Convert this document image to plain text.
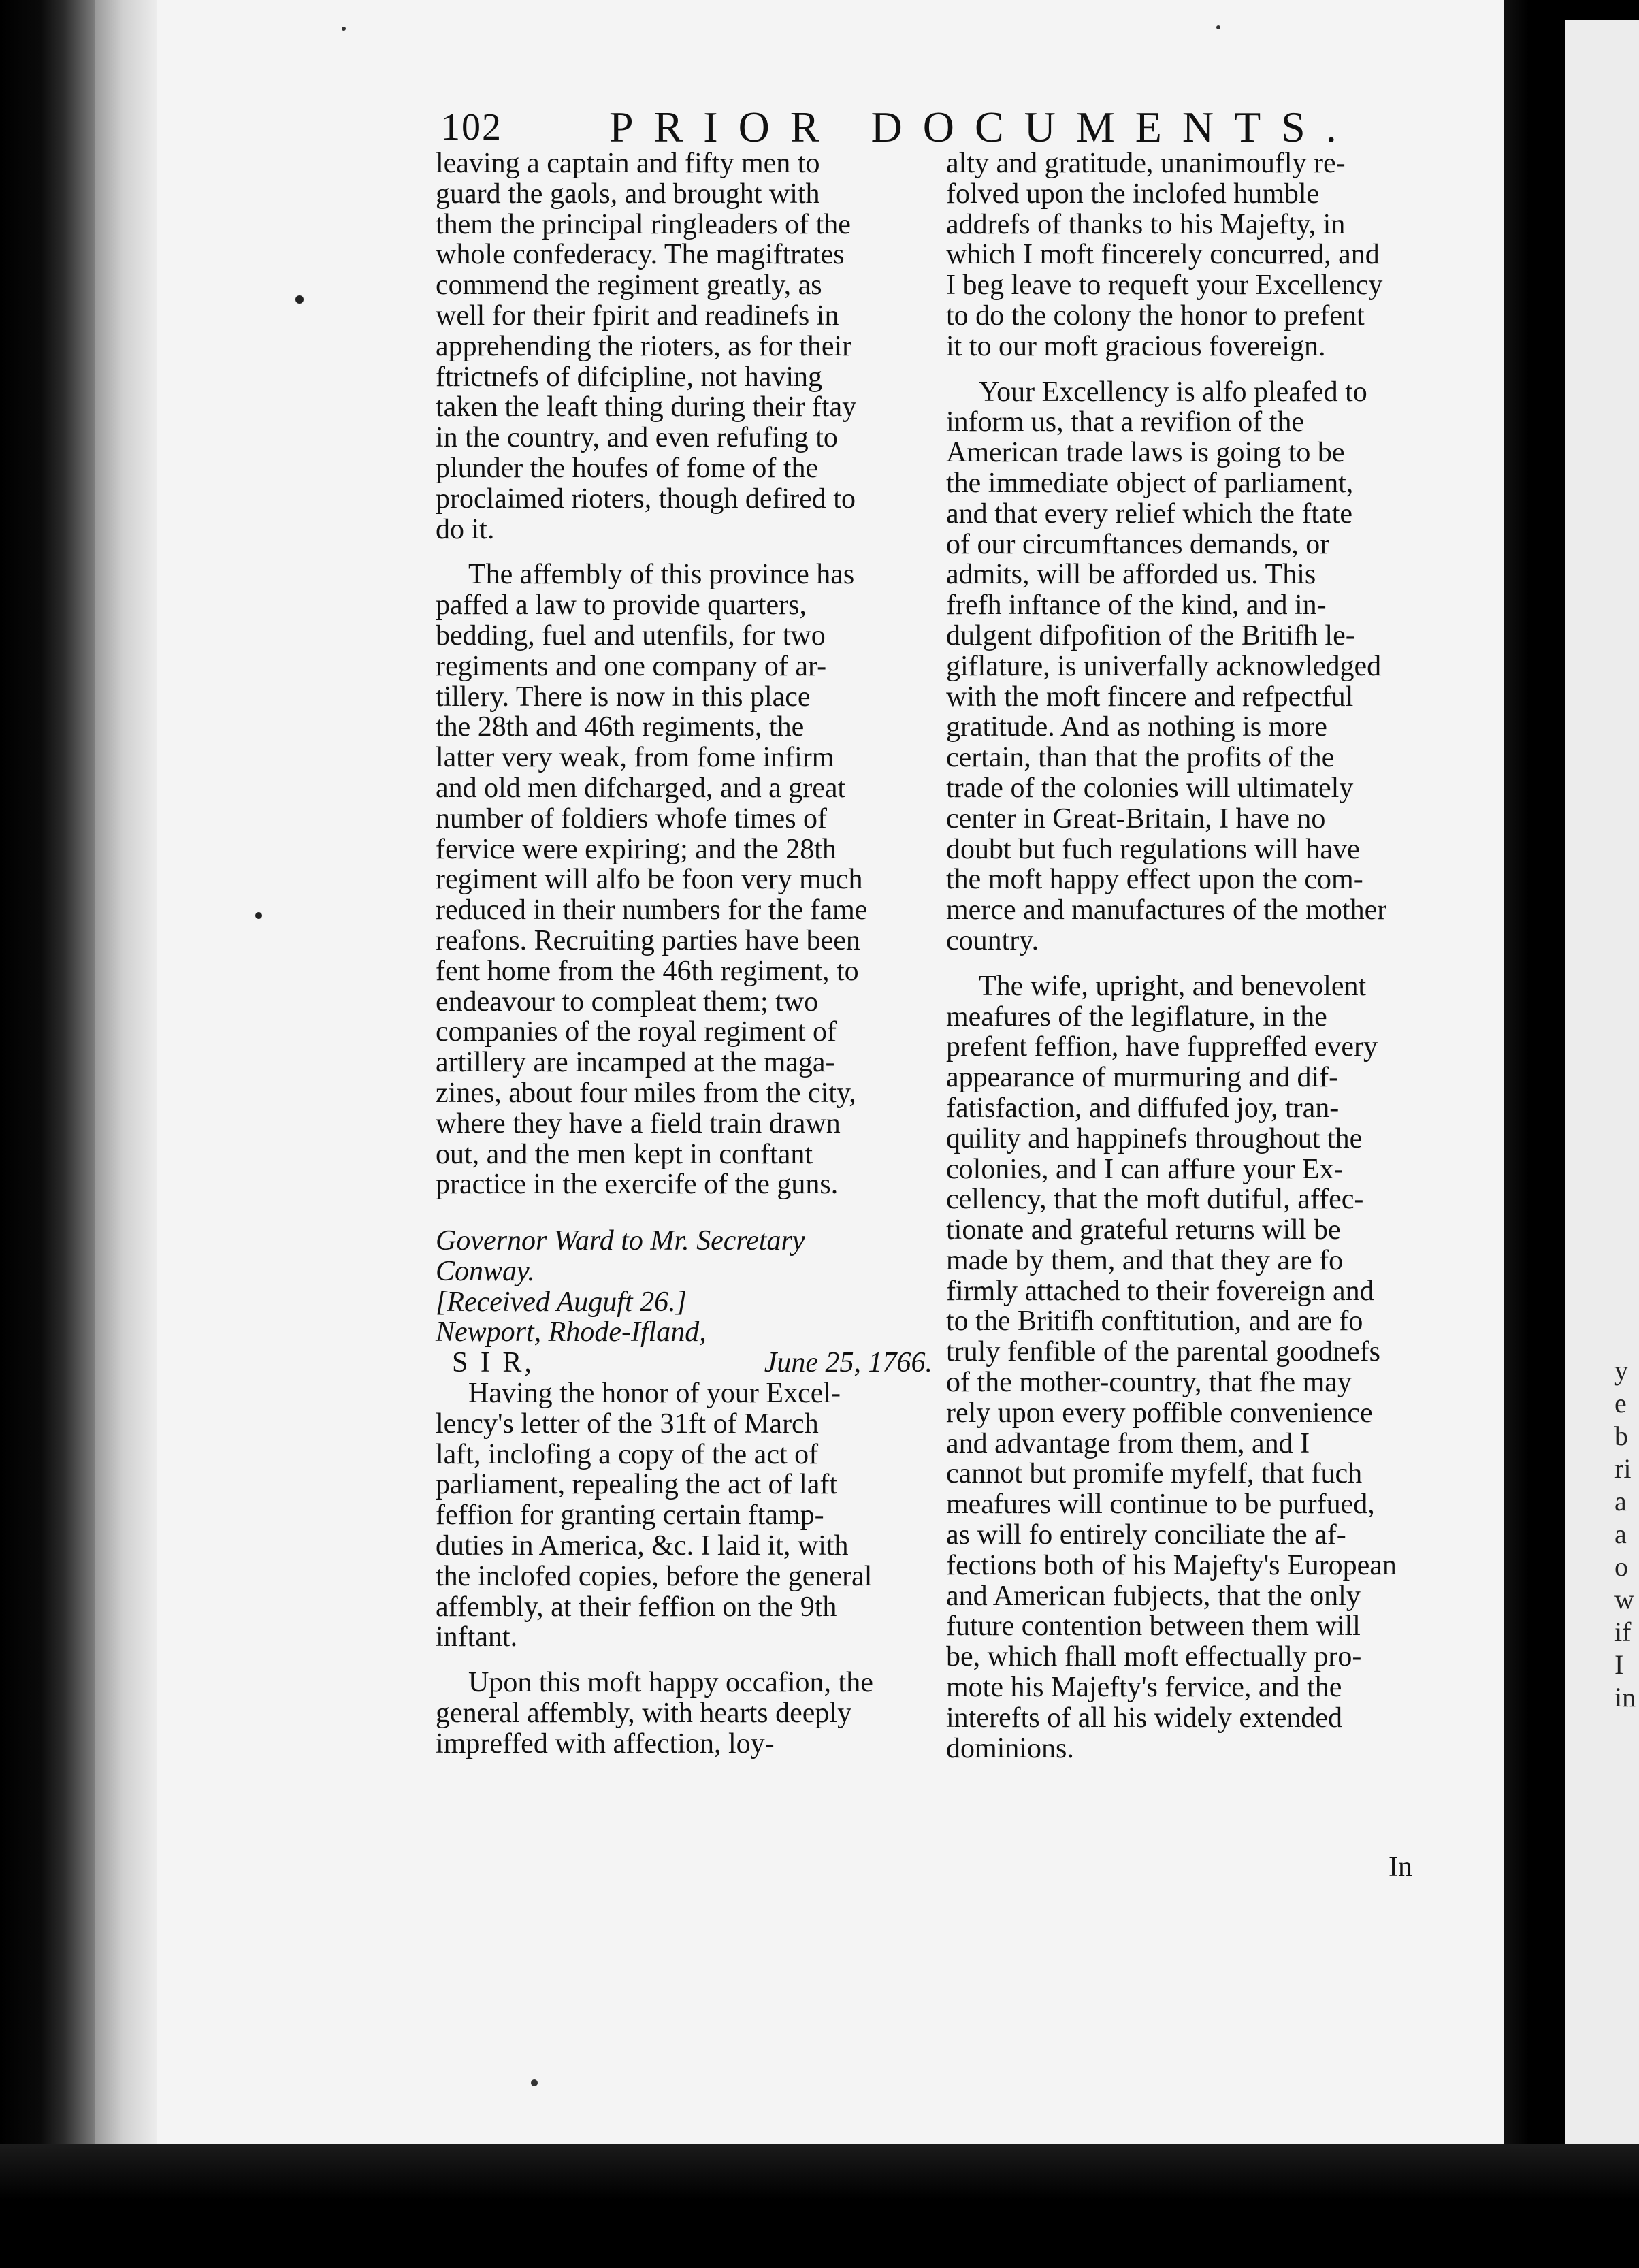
PRIOR DOCUMENTS.
102

leaving a captain and fifty men to

guard the gaols, and brought with

them the principal ringleaders of the

whole confederacy. The magiftrates

commend the regiment greatly, as

well for their fpirit and readinefs in

apprehending the rioters, as for their

ftrictnefs of difcipline, not having

taken the leaft thing during their ftay

in the country, and even refufing to

plunder the houfes of fome of the

proclaimed rioters, though defired to

do it.

The affembly of this province has

paffed a law to provide quarters,

bedding, fuel and utenfils, for two

regiments and one company of ar-

tillery. There is now in this place

the 28th and 46th regiments, the

latter very weak, from fome infirm

and old men difcharged, and a great

number of foldiers whofe times of

fervice were expiring; and the 28th

regiment will alfo be foon very much

reduced in their numbers for the fame

reafons. Recruiting parties have been

fent home from the 46th regiment, to

endeavour to compleat them; two

companies of the royal regiment of

artillery are incamped at the maga-

zines, about four miles from the city,

where they have a field train drawn

out, and the men kept in conftant

practice in the exercife of the guns.

Governor Ward to Mr. Secretary

Conway.

[Received Auguft 26.]

Newport, Rhode-Ifland,

S I R,	June 25, 1766.

Having the honor of your Excel-

lency's letter of the 31ft of March

laft, inclofing a copy of the act of

parliament, repealing the act of laft

feffion for granting certain ftamp-

duties in America, &c. I laid it, with

the inclofed copies, before the general

affembly, at their feffion on the 9th

inftant.

Upon this moft happy occafion, the

general affembly, with hearts deeply

impreffed with affection, loy-

alty and gratitude, unanimoufly re-

folved upon the inclofed humble

addrefs of thanks to his Majefty, in

which I moft fincerely concurred, and

I beg leave to requeft your Excellency

to do the colony the honor to prefent

it to our moft gracious fovereign.

Your Excellency is alfo pleafed to

inform us, that a revifion of the

American trade laws is going to be

the immediate object of parliament,

and that every relief which the ftate

of our circumftances demands, or

admits, will be afforded us. This

frefh inftance of the kind, and in-

dulgent difpofition of the Britifh le-

giflature, is univerfally acknowledged

with the moft fincere and refpectful

gratitude. And as nothing is more

certain, than that the profits of the

trade of the colonies will ultimately

center in Great-Britain, I have no

doubt but fuch regulations will have

the moft happy effect upon the com-

merce and manufactures of the mother

country.

The wife, upright, and benevolent

meafures of the legiflature, in the

prefent feffion, have fuppreffed every

appearance of murmuring and dif-

fatisfaction, and diffufed joy, tran-

quility and happinefs throughout the

colonies, and I can affure your Ex-

cellency, that the moft dutiful, affec-

tionate and grateful returns will be

made by them, and that they are fo

firmly attached to their fovereign and

to the Britifh conftitution, and are fo

truly fenfible of the parental goodnefs

of the mother-country, that fhe may

rely upon every poffible convenience

and advantage from them, and I

cannot but promife myfelf, that fuch

meafures will continue to be purfued,

as will fo entirely conciliate the af-

fections both of his Majefty's European

and American fubjects, that the only

future contention between them will

be, which fhall moft effectually pro-

mote his Majefty's fervice, and the

interefts of all his widely extended

dominions.

In
y
e
b
ri
a
a
o
w
if
I
in
